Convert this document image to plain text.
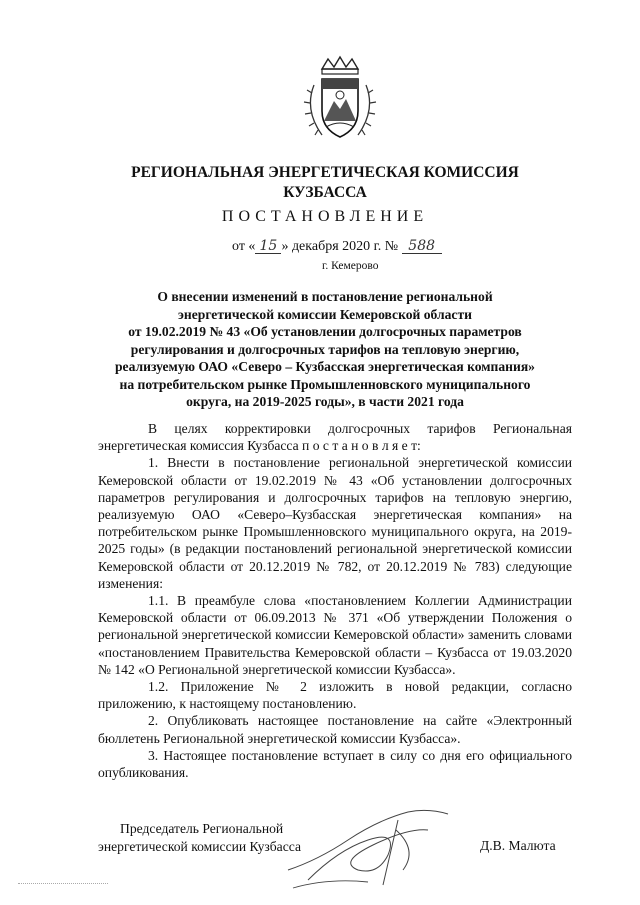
РЕГИОНАЛЬНАЯ ЭНЕРГЕТИЧЕСКАЯ КОМИССИЯ
КУЗБАССА
ПОСТАНОВЛЕНИЕ
от « 15 » декабря 2020 г. № 588
г. Кемерово
О внесении изменений в постановление региональной
энергетической комиссии Кемеровской области
от 19.02.2019 № 43 «Об установлении долгосрочных параметров
регулирования и долгосрочных тарифов на тепловую энергию,
реализуемую ОАО «Северо – Кузбасская энергетическая компания»
на потребительском рынке Промышленновского муниципального
округа, на 2019-2025 годы», в части 2021 года

В целях корректировки долгосрочных тарифов Региональная энергетическая комиссия Кузбасса п о с т а н о в л я е т:

1. Внести в постановление региональной энергетической комиссии Кемеровской области от 19.02.2019 № 43 «Об установлении долгосрочных параметров регулирования и долгосрочных тарифов на тепловую энергию, реализуемую ОАО «Северо–Кузбасская энергетическая компания» на потребительском рынке Промышленновского муниципального округа, на 2019-2025 годы» (в редакции постановлений региональной энергетической комиссии Кемеровской области от 20.12.2019 № 782, от 20.12.2019 № 783) следующие изменения:

1.1. В преамбуле слова «постановлением Коллегии Администрации Кемеровской области от 06.09.2013 № 371 «Об утверждении Положения о региональной энергетической комиссии Кемеровской области» заменить словами «постановлением Правительства Кемеровской области – Кузбасса от 19.03.2020 № 142 «О Региональной энергетической комиссии Кузбасса».

1.2. Приложение № 2 изложить в новой редакции, согласно приложению, к настоящему постановлению.

2. Опубликовать настоящее постановление на сайте «Электронный бюллетень Региональной энергетической комиссии Кузбасса».

3. Настоящее постановление вступает в силу со дня его официального опубликования.

Председатель Региональной
энергетической комиссии Кузбасса	Д.В. Малюта
